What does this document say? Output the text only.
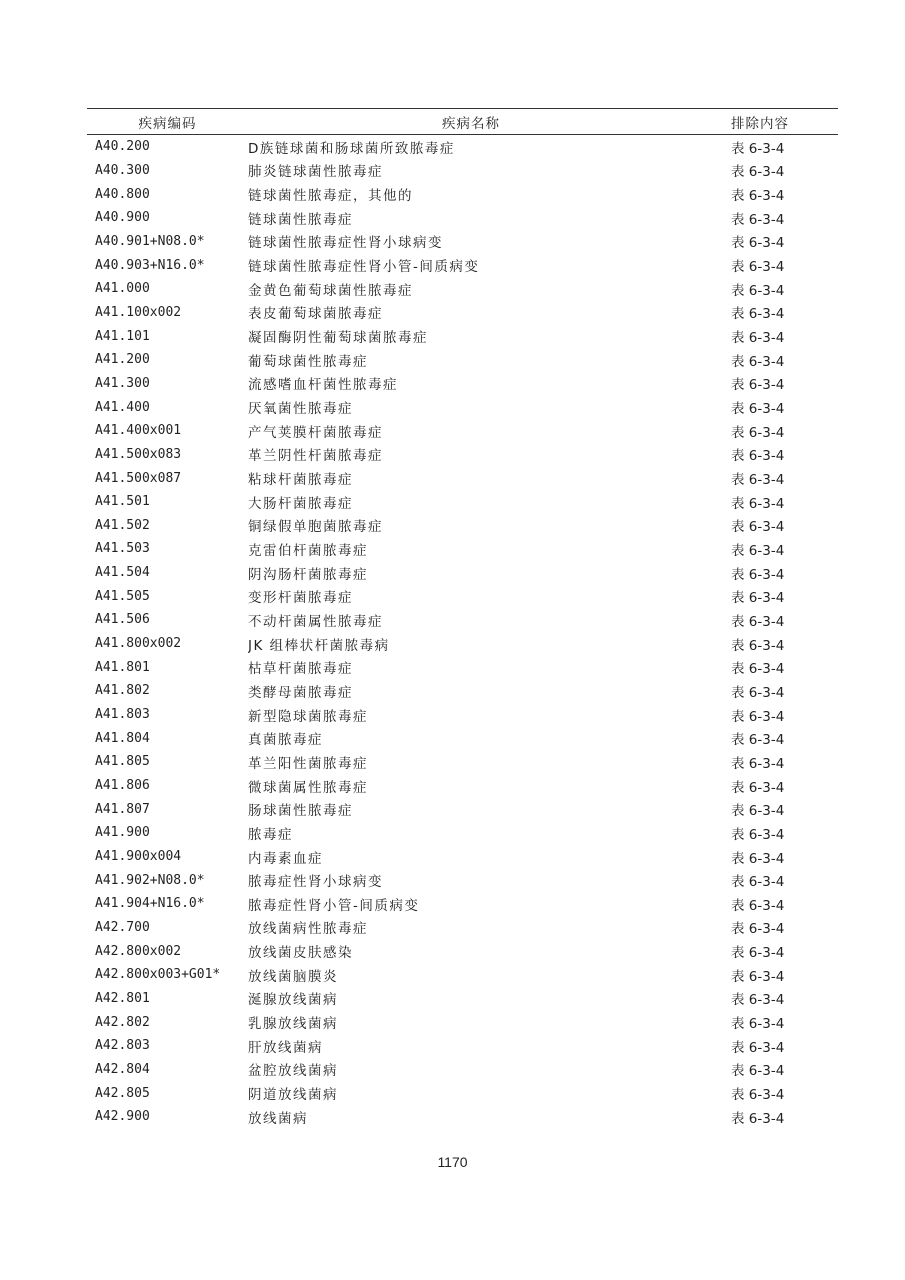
疾病编码	疾病名称	排除内容
A40.200	D族链球菌和肠球菌所致脓毒症	表 6-3-4
A40.300	肺炎链球菌性脓毒症	表 6-3-4
A40.800	链球菌性脓毒症，其他的	表 6-3-4
A40.900	链球菌性脓毒症	表 6-3-4
A40.901+N08.0*	链球菌性脓毒症性肾小球病变	表 6-3-4
A40.903+N16.0*	链球菌性脓毒症性肾小管-间质病变	表 6-3-4
A41.000	金黄色葡萄球菌性脓毒症	表 6-3-4
A41.100x002	表皮葡萄球菌脓毒症	表 6-3-4
A41.101	凝固酶阴性葡萄球菌脓毒症	表 6-3-4
A41.200	葡萄球菌性脓毒症	表 6-3-4
A41.300	流感嗜血杆菌性脓毒症	表 6-3-4
A41.400	厌氧菌性脓毒症	表 6-3-4
A41.400x001	产气荚膜杆菌脓毒症	表 6-3-4
A41.500x083	革兰阴性杆菌脓毒症	表 6-3-4
A41.500x087	粘球杆菌脓毒症	表 6-3-4
A41.501	大肠杆菌脓毒症	表 6-3-4
A41.502	铜绿假单胞菌脓毒症	表 6-3-4
A41.503	克雷伯杆菌脓毒症	表 6-3-4
A41.504	阴沟肠杆菌脓毒症	表 6-3-4
A41.505	变形杆菌脓毒症	表 6-3-4
A41.506	不动杆菌属性脓毒症	表 6-3-4
A41.800x002	JK 组棒状杆菌脓毒病	表 6-3-4
A41.801	枯草杆菌脓毒症	表 6-3-4
A41.802	类酵母菌脓毒症	表 6-3-4
A41.803	新型隐球菌脓毒症	表 6-3-4
A41.804	真菌脓毒症	表 6-3-4
A41.805	革兰阳性菌脓毒症	表 6-3-4
A41.806	微球菌属性脓毒症	表 6-3-4
A41.807	肠球菌性脓毒症	表 6-3-4
A41.900	脓毒症	表 6-3-4
A41.900x004	内毒素血症	表 6-3-4
A41.902+N08.0*	脓毒症性肾小球病变	表 6-3-4
A41.904+N16.0*	脓毒症性肾小管-间质病变	表 6-3-4
A42.700	放线菌病性脓毒症	表 6-3-4
A42.800x002	放线菌皮肤感染	表 6-3-4
A42.800x003+G01*	放线菌脑膜炎	表 6-3-4
A42.801	涎腺放线菌病	表 6-3-4
A42.802	乳腺放线菌病	表 6-3-4
A42.803	肝放线菌病	表 6-3-4
A42.804	盆腔放线菌病	表 6-3-4
A42.805	阴道放线菌病	表 6-3-4
A42.900	放线菌病	表 6-3-4
1170
